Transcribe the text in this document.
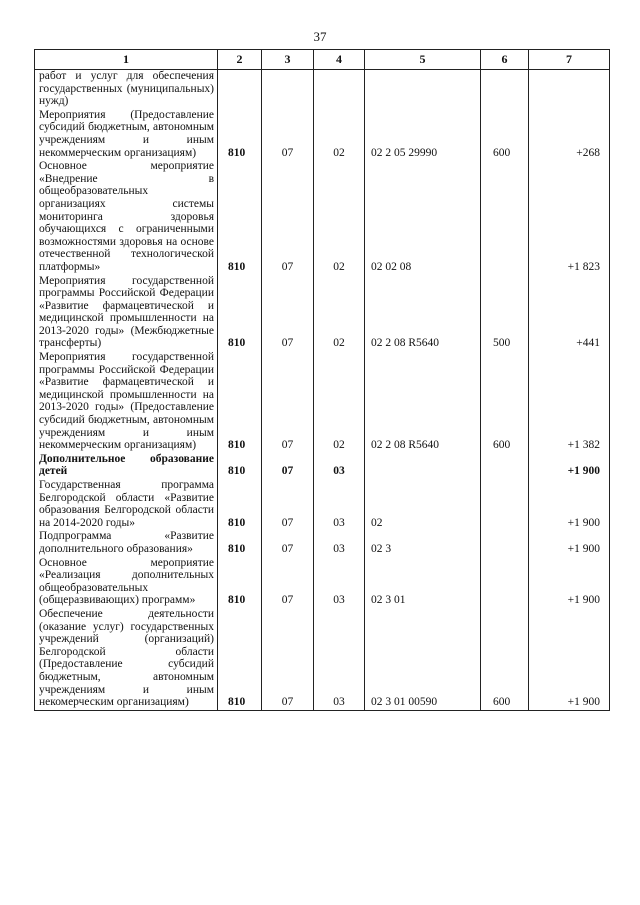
37
1	2	3	4	5	6	7

работ и услуг для обеспечения государственных (муниципальных) нужд)						

Мероприятия (Предоставление субсидий бюджетным, автономным учреждениям и иным некоммерческим организациям)	810	07	02	02 2 05 29990	600	+268

Основное мероприятие «Внедрение в общеобразовательных организациях системы мониторинга здоровья обучающихся с ограниченными возможностями здоровья на основе отечественной технологической платформы»	810	07	02	02 02 08		+1 823

Мероприятия государственной программы Российской Федерации «Развитие фармацевтической и медицинской промышленности на 2013-2020 годы» (Межбюджетные трансферты)	810	07	02	02 2 08 R5640	500	+441

Мероприятия государственной программы Российской Федерации «Развитие фармацевтической и медицинской промышленности на 2013-2020 годы» (Предоставление субсидий бюджетным, автономным учреждениям и иным некоммерческим организациям)	810	07	02	02 2 08 R5640	600	+1 382

Дополнительное образование детей	810	07	03			+1 900

Государственная программа Белгородской области «Развитие образования Белгородской области на 2014-2020 годы»	810	07	03	02		+1 900

Подпрограмма «Развитие дополнительного образования»	810	07	03	02 3		+1 900

Основное мероприятие «Реализация дополнительных общеобразовательных (общеразвивающих) программ»	810	07	03	02 3 01		+1 900

Обеспечение деятельности (оказание услуг) государственных учреждений (организаций) Белгородской области (Предоставление субсидий бюджетным, автономным учреждениям и иным некомерческим организациям)	810	07	03	02 3 01 00590	600	+1 900
